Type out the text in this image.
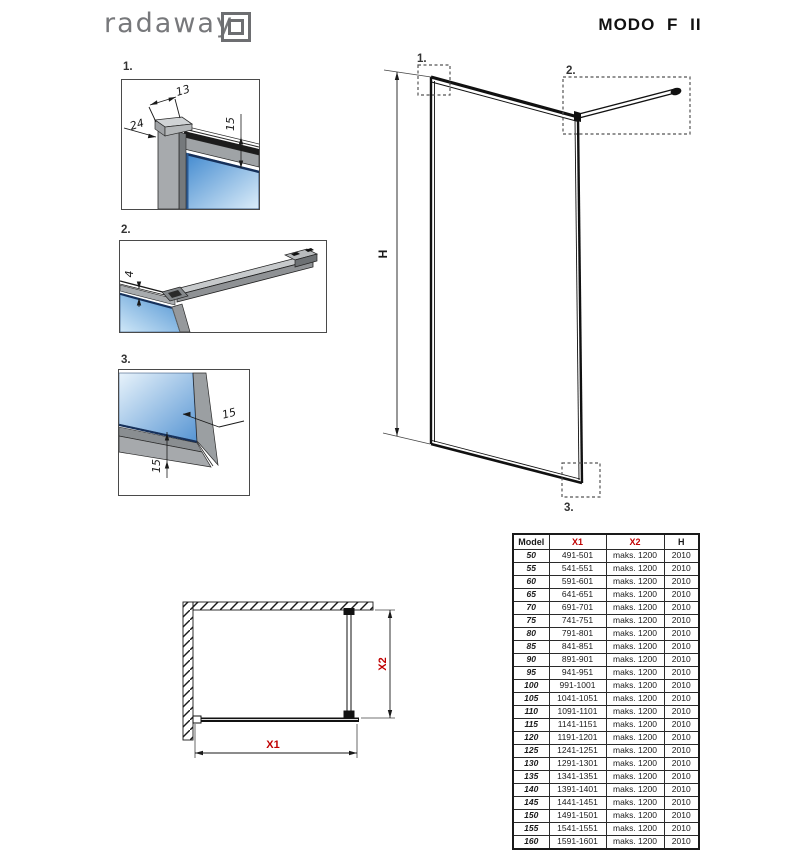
radaway	MODO F II
1.
13
24	15
2.
4
3.
15
15
H
1.
2.
3.
X1
X2
Model	X1	X2	H
50	491-501	maks. 1200	2010
55	541-551	maks. 1200	2010
60	591-601	maks. 1200	2010
65	641-651	maks. 1200	2010
70	691-701	maks. 1200	2010
75	741-751	maks. 1200	2010
80	791-801	maks. 1200	2010
85	841-851	maks. 1200	2010
90	891-901	maks. 1200	2010
95	941-951	maks. 1200	2010
100	991-1001	maks. 1200	2010
105	1041-1051	maks. 1200	2010
110	1091-1101	maks. 1200	2010
115	1141-1151	maks. 1200	2010
120	1191-1201	maks. 1200	2010
125	1241-1251	maks. 1200	2010
130	1291-1301	maks. 1200	2010
135	1341-1351	maks. 1200	2010
140	1391-1401	maks. 1200	2010
145	1441-1451	maks. 1200	2010
150	1491-1501	maks. 1200	2010
155	1541-1551	maks. 1200	2010
160	1591-1601	maks. 1200	2010
